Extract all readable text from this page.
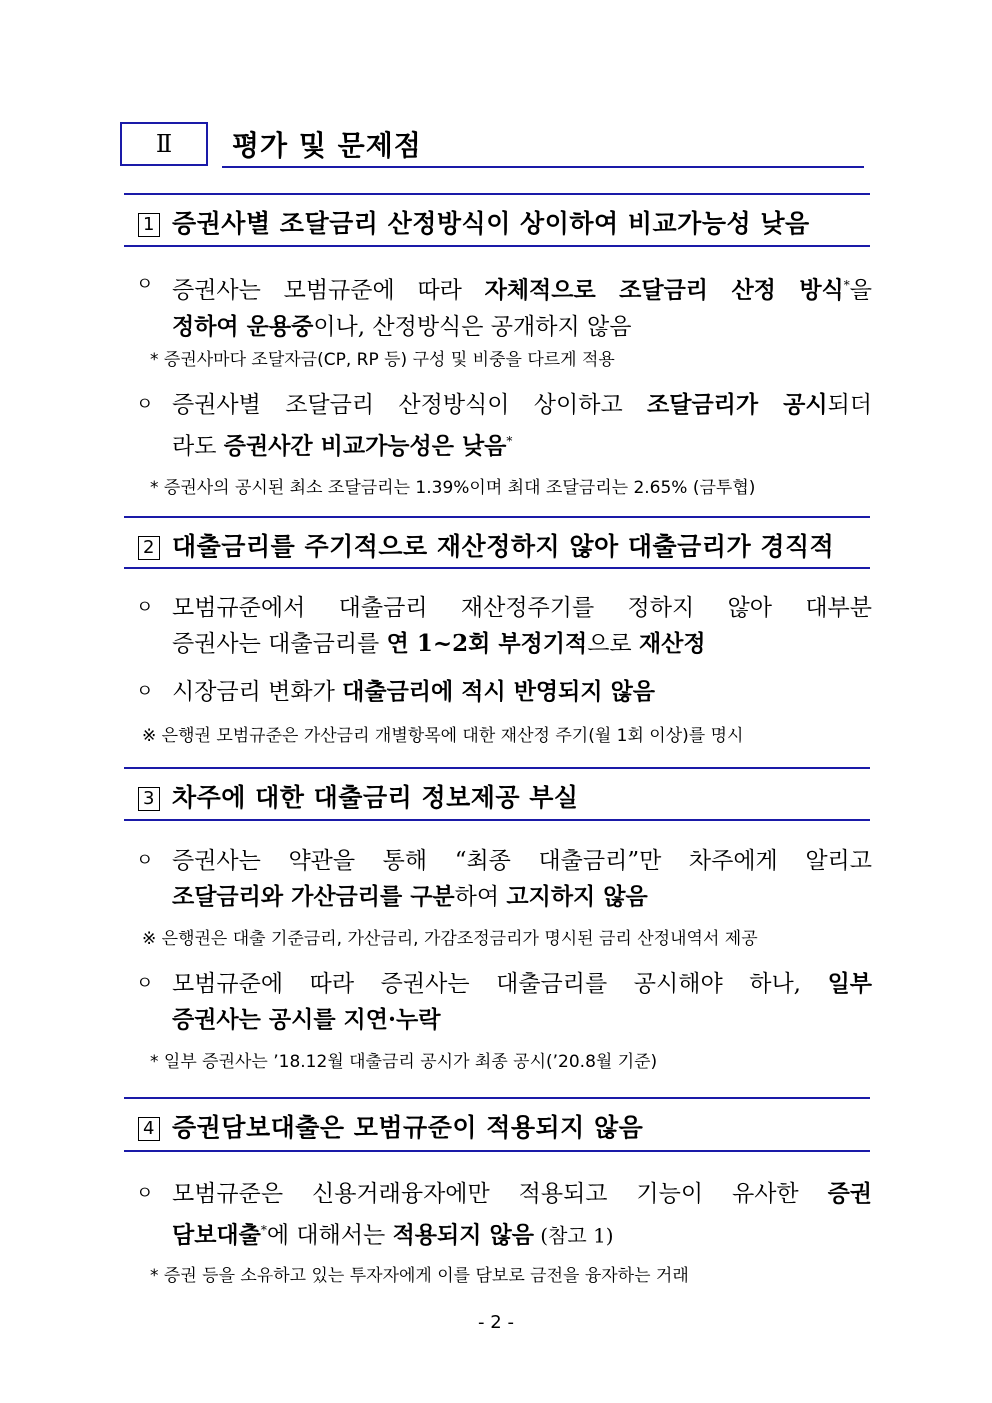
Ⅱ 평가 및 문제점
1 증권사별 조달금리 산정방식이 상이하여 비교가능성 낮음
ㅇ 증권사는 모범규준에 따라 자체적으로 조달금리 산정 방식*을
정하여 운용중이나, 산정방식은 공개하지 않음
* 증권사마다 조달자금(CP, RP 등) 구성 및 비중을 다르게 적용
ㅇ 증권사별 조달금리 산정방식이 상이하고 조달금리가 공시되더
라도 증권사간 비교가능성은 낮음*
* 증권사의 공시된 최소 조달금리는 1.39%이며 최대 조달금리는 2.65% (금투협)
2 대출금리를 주기적으로 재산정하지 않아 대출금리가 경직적
ㅇ 모범규준에서 대출금리 재산정주기를 정하지 않아 대부분
증권사는 대출금리를 연 1~2회 부정기적으로 재산정
ㅇ 시장금리 변화가 대출금리에 적시 반영되지 않음
※ 은행권 모범규준은 가산금리 개별항목에 대한 재산정 주기(월 1회 이상)를 명시
3 차주에 대한 대출금리 정보제공 부실
ㅇ 증권사는 약관을 통해 “최종 대출금리”만 차주에게 알리고
조달금리와 가산금리를 구분하여 고지하지 않음
※ 은행권은 대출 기준금리, 가산금리, 가감조정금리가 명시된 금리 산정내역서 제공
ㅇ 모범규준에 따라 증권사는 대출금리를 공시해야 하나, 일부
증권사는 공시를 지연·누락
* 일부 증권사는 ’18.12월 대출금리 공시가 최종 공시(’20.8월 기준)
4 증권담보대출은 모범규준이 적용되지 않음
ㅇ 모범규준은 신용거래융자에만 적용되고 기능이 유사한 증권
담보대출*에 대해서는 적용되지 않음 (참고 1)
* 증권 등을 소유하고 있는 투자자에게 이를 담보로 금전을 융자하는 거래
- 2 -
